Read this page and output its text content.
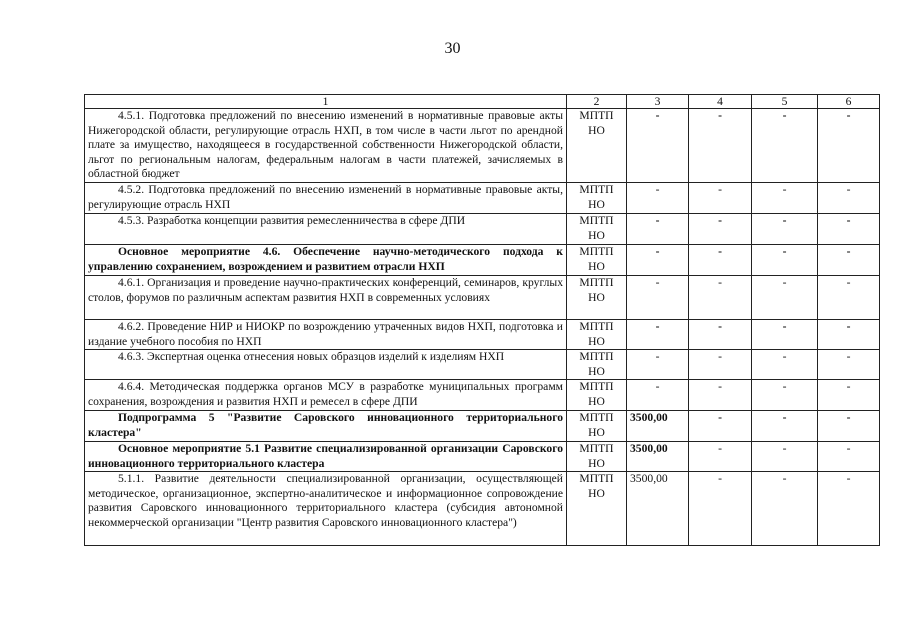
30
1	2	3	4	5	6
4.5.1. Подготовка предложений по внесению изменений в нормативные правовые акты Нижегородской области, регулирующие отрасль НХП, в том числе в части льгот по арендной плате за имущество, находящееся в государственной собственности Нижегородской области, льгот по региональным налогам, федеральным налогам в части платежей, зачисляемых в областной бюджет	МПТП НО	-	-	-	-
4.5.2. Подготовка предложений по внесению изменений в нормативные правовые акты, регулирующие отрасль НХП	МПТП НО	-	-	-	-
4.5.3. Разработка концепции развития ремесленничества в сфере ДПИ	МПТП НО	-	-	-	-
Основное мероприятие 4.6. Обеспечение научно-методического подхода к управлению сохранением, возрождением и развитием отрасли НХП	МПТП НО	-	-	-	-
4.6.1. Организация и проведение научно-практических конференций, семинаров, круглых столов, форумов по различным аспектам развития НХП в современных условиях	МПТП НО	-	-	-	-
4.6.2. Проведение НИР и НИОКР по возрождению утраченных видов НХП, подготовка и издание учебного пособия по НХП	МПТП НО	-	-	-	-
4.6.3. Экспертная оценка отнесения новых образцов изделий к изделиям НХП	МПТП НО	-	-	-	-
4.6.4. Методическая поддержка органов МСУ в разработке муниципальных программ сохранения, возрождения и развития НХП и ремесел в сфере ДПИ	МПТП НО	-	-	-	-
Подпрограмма 5 "Развитие Саровского инновационного территориального кластера"	МПТП НО	3500,00	-	-	-
Основное мероприятие 5.1 Развитие специализированной организации Саровского инновационного территориального кластера	МПТП НО	3500,00	-	-	-
5.1.1. Развитие деятельности специализированной организации, осуществляющей методическое, организационное, экспертно-аналитическое и информационное сопровождение развития Саровского инновационного территориального кластера (субсидия автономной некоммерческой организации "Центр развития Саровского инновационного кластера")	МПТП НО	3500,00	-	-	-
